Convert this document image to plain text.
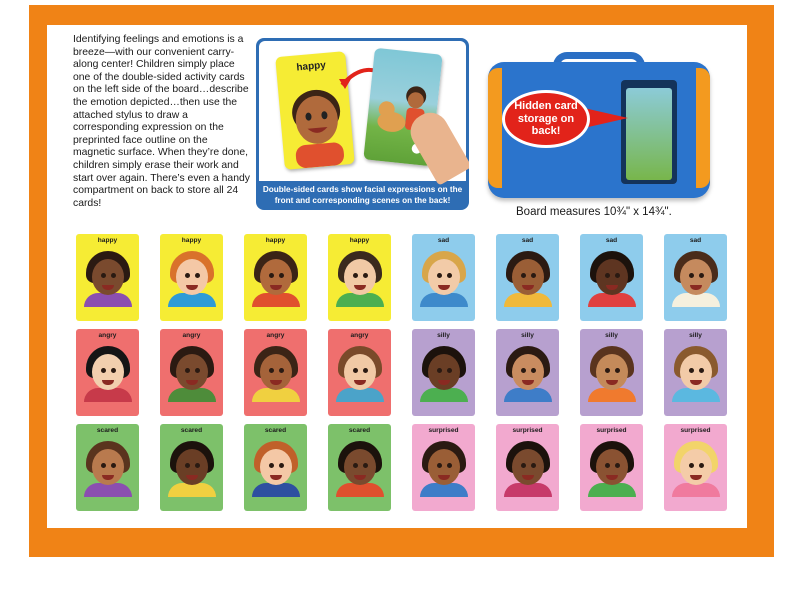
Identifying feelings and emotions is a breeze—with our convenient carry-along center! Children simply place one of the double-sided activity cards on the left side of the board…describe the emotion depicted…then use the attached stylus to draw a corresponding expression on the preprinted face outline on the magnetic surface. When they’re done, children simply erase their work and start over again. There’s even a handy compartment on back to store all 24 cards!

happy
Double-sided cards show facial expressions on the front and corresponding scenes on the back!
Hidden card storage on back!
Board measures 10¾" x 14¾".
happy	happy	happy	happy	sad	sad	sad	sad
angry	angry	angry	angry	silly	silly	silly	silly
scared	scared	scared	scared	surprised	surprised	surprised	surprised
